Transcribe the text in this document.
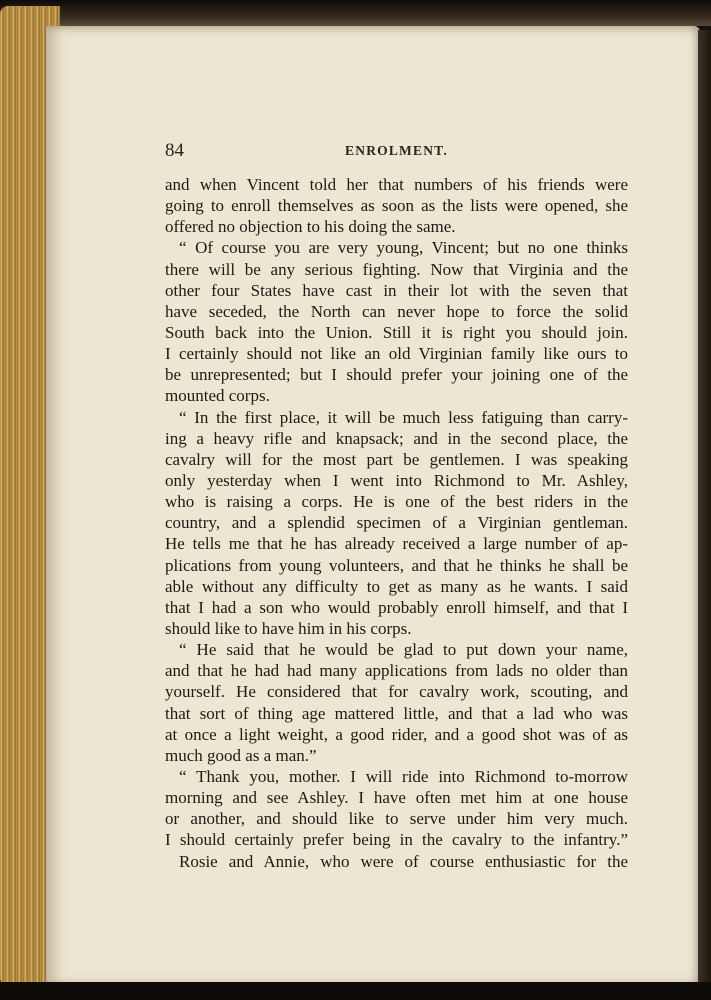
84	ENROLMENT.
and when Vincent told her that numbers of his friends were
going to enroll themselves as soon as the lists were opened, she
offered no objection to his doing the same.
“ Of course you are very young, Vincent; but no one thinks
there will be any serious fighting. Now that Virginia and the
other four States have cast in their lot with the seven that
have seceded, the North can never hope to force the solid
South back into the Union. Still it is right you should join.
I certainly should not like an old Virginian family like ours to
be unrepresented; but I should prefer your joining one of the
mounted corps.
“ In the first place, it will be much less fatiguing than carry-
ing a heavy rifle and knapsack; and in the second place, the
cavalry will for the most part be gentlemen. I was speaking
only yesterday when I went into Richmond to Mr. Ashley,
who is raising a corps. He is one of the best riders in the
country, and a splendid specimen of a Virginian gentleman.
He tells me that he has already received a large number of ap-
plications from young volunteers, and that he thinks he shall be
able without any difficulty to get as many as he wants. I said
that I had a son who would probably enroll himself, and that I
should like to have him in his corps.
“ He said that he would be glad to put down your name,
and that he had had many applications from lads no older than
yourself. He considered that for cavalry work, scouting, and
that sort of thing age mattered little, and that a lad who was
at once a light weight, a good rider, and a good shot was of as
much good as a man.”
“ Thank you, mother. I will ride into Richmond to-morrow
morning and see Ashley. I have often met him at one house
or another, and should like to serve under him very much.
I should certainly prefer being in the cavalry to the infantry.”
Rosie and Annie, who were of course enthusiastic for the
